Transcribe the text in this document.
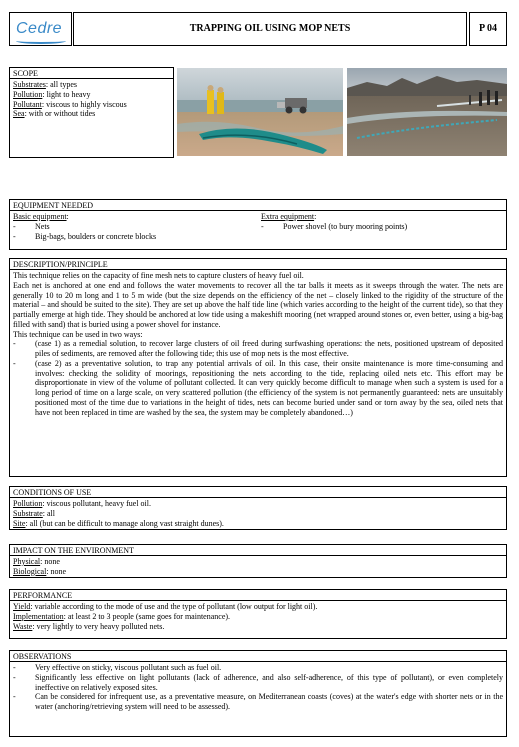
Cedre	TRAPPING OIL USING MOP NETS	P 04
SCOPE
Substrates: all types
Pollution: light to heavy
Pollutant: viscous to highly viscous
Sea: with or without tides
EQUIPMENT NEEDED
Basic equipment:
-	Nets
-	Big-bags, boulders or concrete blocks
Extra equipment:
-	Power shovel (to bury mooring points)
DESCRIPTION/PRINCIPLE
This technique relies on the capacity of fine mesh nets to capture clusters of heavy fuel oil.
Each net is anchored at one end and follows the water movements to recover all the tar balls it meets as it sweeps through the water. The nets are generally 10 to 20 m long and 1 to 5 m wide (but the size depends on the efficiency of the net – closely linked to the rigidity of the structure of the material – and should be suited to the site). They are set up above the half tide line (which varies according to the height of the current tide), so that they partially emerge at high tide. They should be anchored at low tide using a makeshift mooring (net wrapped around stones or, even better, using a big-bag filled with sand) that is buried using a power shovel for instance.
This technique can be used in two ways:
-	(case 1) as a remedial solution, to recover large clusters of oil freed during surfwashing operations: the nets, positioned upstream of deposited piles of sediments, are removed after the following tide; this use of mop nets is the most effective.
-	(case 2) as a preventative solution, to trap any potential arrivals of oil. In this case, their onsite maintenance is more time-consuming and involves: checking the solidity of moorings, repositioning the nets according to the tide, replacing oiled nets etc. This effort may be disproportionate in view of the volume of pollutant collected. It can very quickly become difficult to manage when such a system is used for a long period of time on a large scale, on very scattered pollution (the efficiency of the system is not permanently guaranteed: nets are unsuitably positioned most of the time due to variations in the height of tides, nets can become buried under sand or torn away by the sea, oiled nets that have not been replaced in time are washed by the sea, the system may be completely abandoned…)
CONDITIONS OF USE
Pollution: viscous pollutant, heavy fuel oil.
Substrate: all
Site: all (but can be difficult to manage along vast straight dunes).
IMPACT ON THE ENVIRONMENT
Physical: none
Biological: none
PERFORMANCE
Yield: variable according to the mode of use and the type of pollutant (low output for light oil).
Implementation: at least 2 to 3 people (same goes for maintenance).
Waste: very lightly to very heavy polluted nets.
OBSERVATIONS
-	Very effective on sticky, viscous pollutant such as fuel oil.
-	Significantly less effective on light pollutants (lack of adherence, and also self-adherence, of this type of pollutant), or even completely ineffective on relatively exposed sites.
-	Can be considered for infrequent use, as a preventative measure, on Mediterranean coasts (coves) at the water's edge with shorter nets or in the water (anchoring/retrieving system will need to be assessed).
